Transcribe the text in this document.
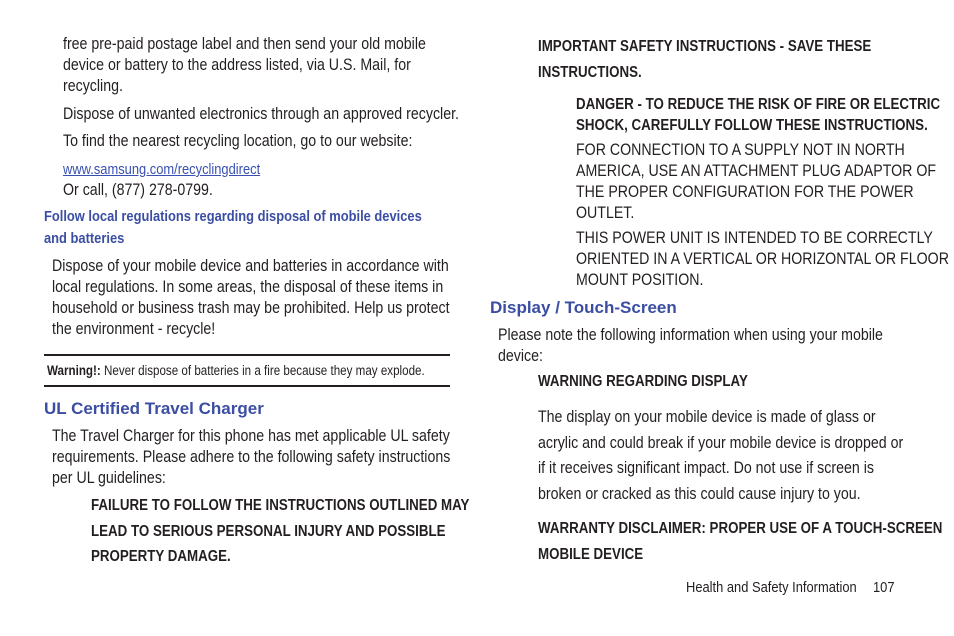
free pre-paid postage label and then send your old mobile
device or battery to the address listed, via U.S. Mail, for
recycling.
Dispose of unwanted electronics through an approved recycler.
To find the nearest recycling location, go to our website:
www.samsung.com/recyclingdirect
Or call, (877) 278-0799.
Follow local regulations regarding disposal of mobile devices
and batteries
Dispose of your mobile device and batteries in accordance with
local regulations. In some areas, the disposal of these items in
household or business trash may be prohibited. Help us protect
the environment - recycle!
Warning!: Never dispose of batteries in a fire because they may explode.
UL Certified Travel Charger
The Travel Charger for this phone has met applicable UL safety
requirements. Please adhere to the following safety instructions
per UL guidelines:
FAILURE TO FOLLOW THE INSTRUCTIONS OUTLINED MAY
LEAD TO SERIOUS PERSONAL INJURY AND POSSIBLE
PROPERTY DAMAGE.
IMPORTANT SAFETY INSTRUCTIONS - SAVE THESE
INSTRUCTIONS.
DANGER - TO REDUCE THE RISK OF FIRE OR ELECTRIC
SHOCK, CAREFULLY FOLLOW THESE INSTRUCTIONS.
FOR CONNECTION TO A SUPPLY NOT IN NORTH
AMERICA, USE AN ATTACHMENT PLUG ADAPTOR OF
THE PROPER CONFIGURATION FOR THE POWER
OUTLET.
THIS POWER UNIT IS INTENDED TO BE CORRECTLY
ORIENTED IN A VERTICAL OR HORIZONTAL OR FLOOR
MOUNT POSITION.
Display / Touch-Screen
Please note the following information when using your mobile
device:
WARNING REGARDING DISPLAY
The display on your mobile device is made of glass or
acrylic and could break if your mobile device is dropped or
if it receives significant impact. Do not use if screen is
broken or cracked as this could cause injury to you.
WARRANTY DISCLAIMER: PROPER USE OF A TOUCH-SCREEN
MOBILE DEVICE
Health and Safety Information	107
